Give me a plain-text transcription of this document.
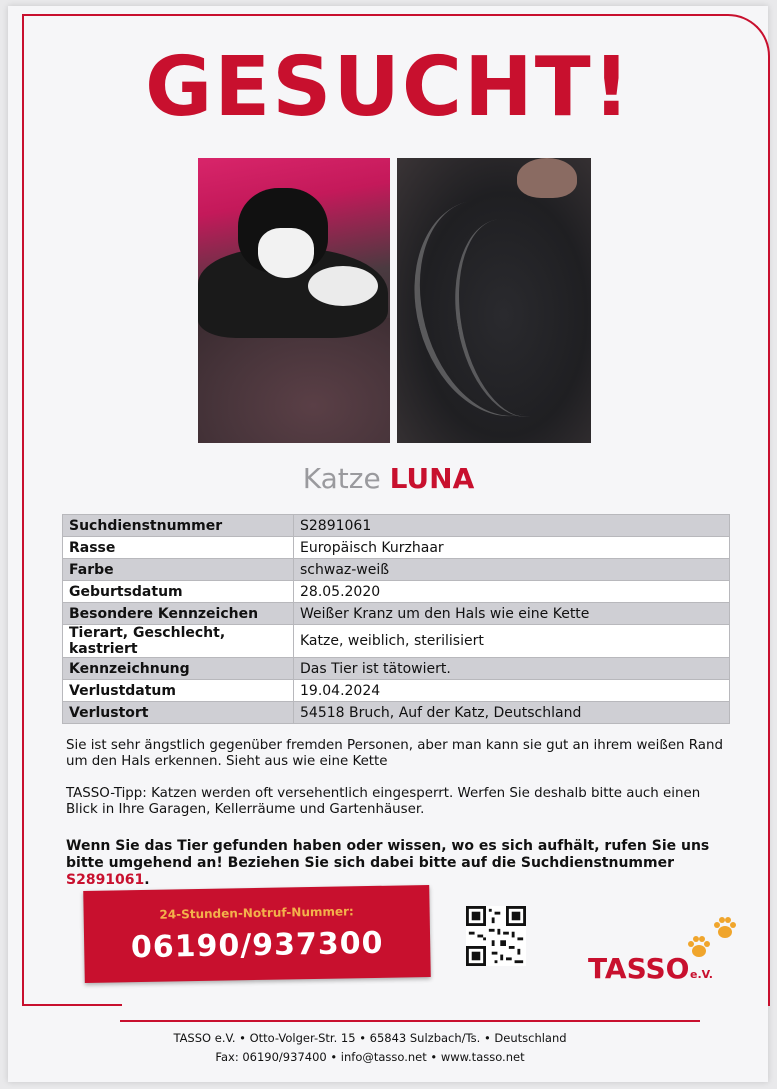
GESUCHT!
Katze LUNA
Suchdienstnummer	S2891061
Rasse	Europäisch Kurzhaar
Farbe	schwaz-weiß
Geburtsdatum	28.05.2020
Besondere Kennzeichen	Weißer Kranz um den Hals wie eine Kette
Tierart, Geschlecht, kastriert	Katze, weiblich, sterilisiert
Kennzeichnung	Das Tier ist tätowiert.
Verlustdatum	19.04.2024
Verlustort	54518 Bruch, Auf der Katz, Deutschland
Sie ist sehr ängstlich gegenüber fremden Personen, aber man kann sie gut an ihrem weißen Rand um den Hals erkennen. Sieht aus wie eine Kette
TASSO-Tipp: Katzen werden oft versehentlich eingesperrt. Werfen Sie deshalb bitte auch einen Blick in Ihre Garagen, Kellerräume und Gartenhäuser.
Wenn Sie das Tier gefunden haben oder wissen, wo es sich aufhält, rufen Sie uns bitte umgehend an! Beziehen Sie sich dabei bitte auf die Suchdienstnummer S2891061.
24-Stunden-Notruf-Nummer:
06190/937300
TASSO e.V.
TASSO e.V. • Otto-Volger-Str. 15 • 65843 Sulzbach/Ts. • Deutschland
Fax: 06190/937400 • info@tasso.net • www.tasso.net
